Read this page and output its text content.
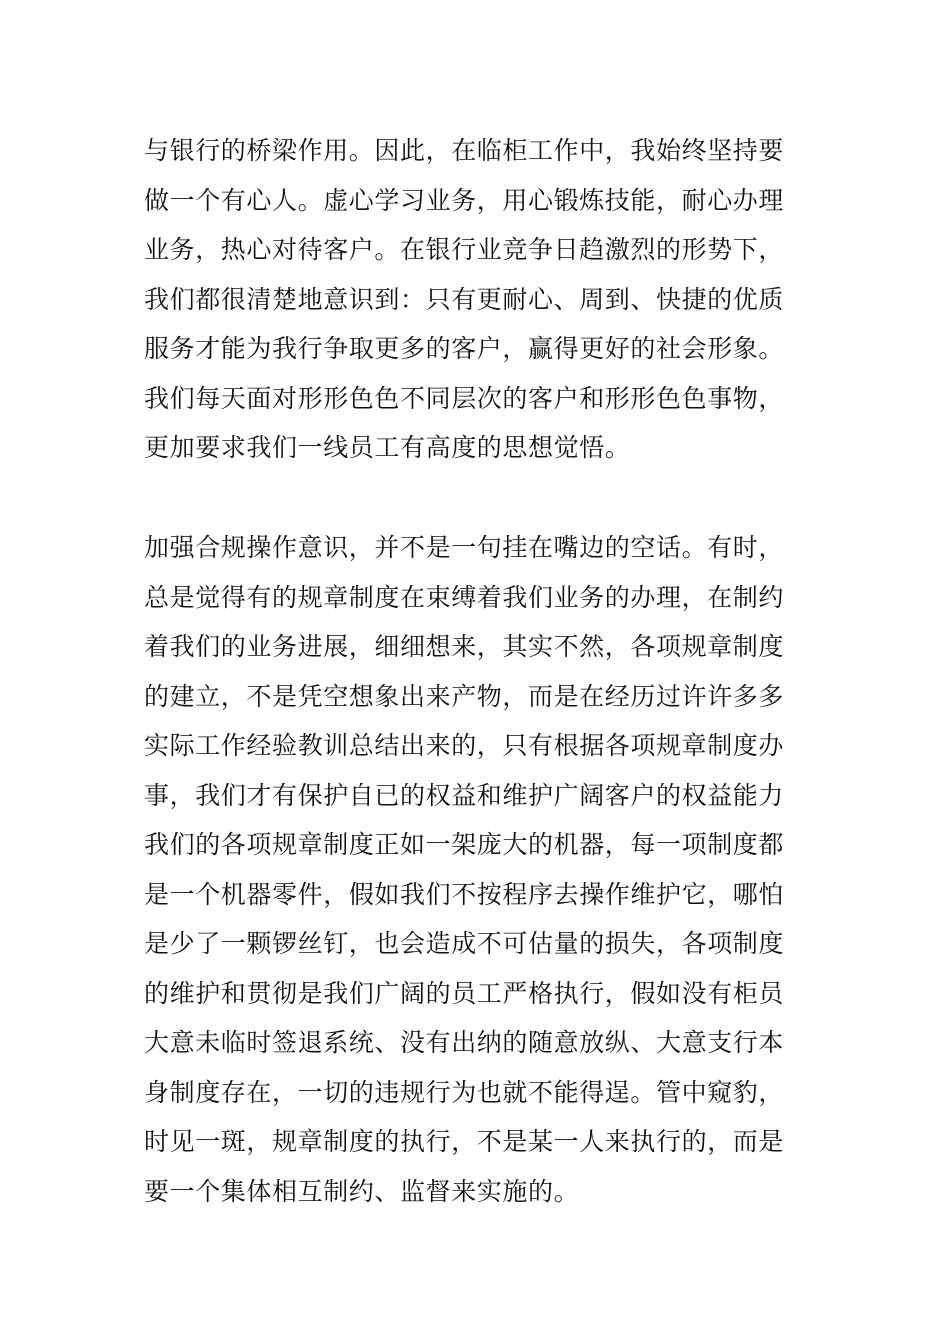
与银行的桥梁作用。因此，在临柜工作中，我始终坚持要
做一个有心人。虚心学习业务，用心锻炼技能，耐心办理
业务，热心对待客户。在银行业竞争日趋激烈的形势下，
我们都很清楚地意识到：只有更耐心、周到、快捷的优质
服务才能为我行争取更多的客户，赢得更好的社会形象。
我们每天面对形形色色不同层次的客户和形形色色事物，
更加要求我们一线员工有高度的思想觉悟。
加强合规操作意识，并不是一句挂在嘴边的空话。有时，
总是觉得有的规章制度在束缚着我们业务的办理，在制约
着我们的业务进展，细细想来，其实不然，各项规章制度
的建立，不是凭空想象出来产物，而是在经历过许许多多
实际工作经验教训总结出来的，只有根据各项规章制度办
事，我们才有保护自已的权益和维护广阔客户的权益能力
我们的各项规章制度正如一架庞大的机器，每一项制度都
是一个机器零件，假如我们不按程序去操作维护它，哪怕
是少了一颗锣丝钉，也会造成不可估量的损失，各项制度
的维护和贯彻是我们广阔的员工严格执行，假如没有柜员
大意未临时签退系统、没有出纳的随意放纵、大意支行本
身制度存在，一切的违规行为也就不能得逞。管中窥豹，
时见一斑，规章制度的执行，不是某一人来执行的，而是
要一个集体相互制约、监督来实施的。
